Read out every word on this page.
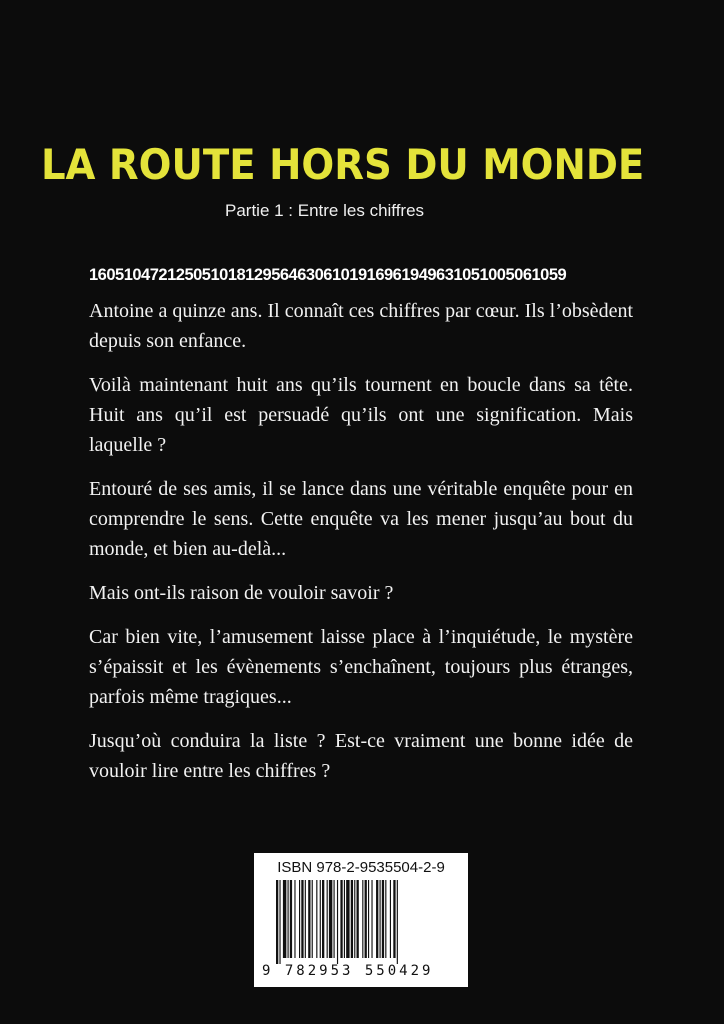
LA ROUTE HORS DU MONDE
Partie 1 : Entre les chiffres
1605104721250510181295646306101916961949631051005061059

Antoine a quinze ans. Il connaît ces chiffres par cœur. Ils l’obsèdent depuis son enfance.

Voilà maintenant huit ans qu’ils tournent en boucle dans sa tête. Huit ans qu’il est persuadé qu’ils ont une signification. Mais laquelle ?

Entouré de ses amis, il se lance dans une véritable enquête pour en comprendre le sens. Cette enquête va les mener jusqu’au bout du monde, et bien au-delà...

Mais ont-ils raison de vouloir savoir ?

Car bien vite, l’amusement laisse place à l’inquiétude, le mystère s’épaissit et les évènements s’enchaînent, toujours plus étranges, parfois même tragiques...

Jusqu’où conduira la liste ? Est-ce vraiment une bonne idée de vouloir lire entre les chiffres ?

ISBN 978-2-9535504-2-9
9 782953 550429
